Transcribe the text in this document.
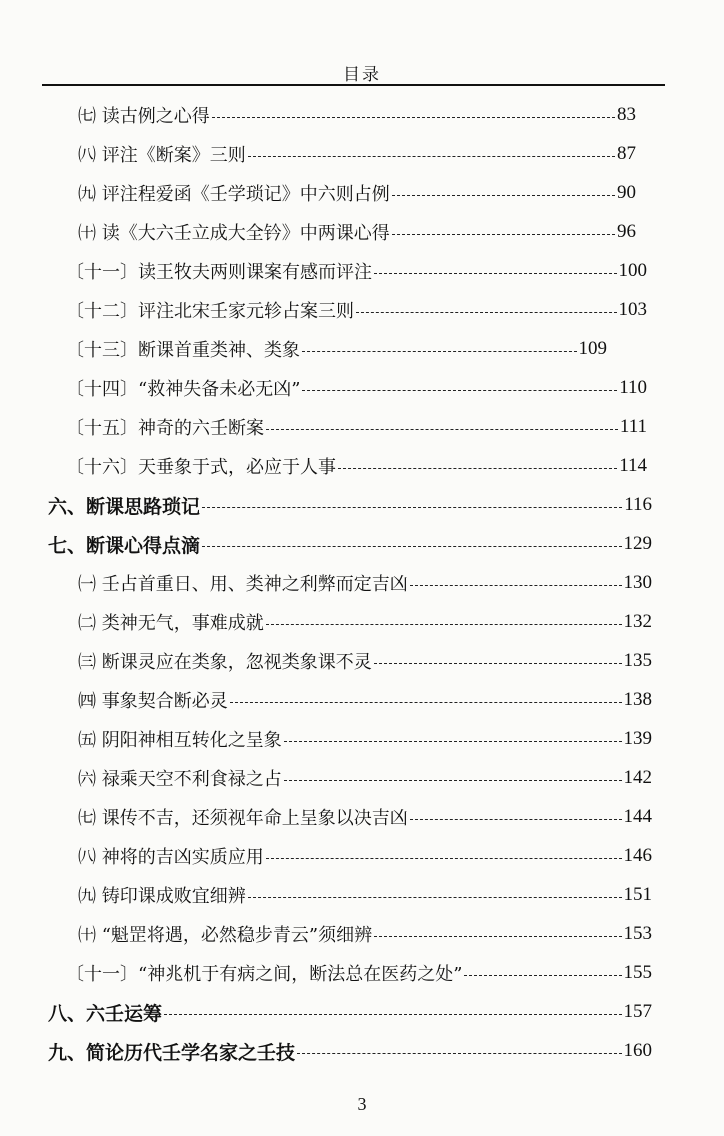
目录
㈦ 读古例之心得	83
㈧ 评注《断案》三则	87
㈨ 评注程爱函《壬学琐记》中六则占例	90
㈩ 读《大六壬立成大全钤》中两课心得	96
〔十一〕读王牧夫两则课案有感而评注	100
〔十二〕评注北宋壬家元轸占案三则	103
〔十三〕断课首重类神、类象	109
〔十四〕“救神失备未必无凶”	110
〔十五〕神奇的六壬断案	111
〔十六〕天垂象于式，必应于人事	114
六、断课思路琐记	116
七、断课心得点滴	129
㈠ 壬占首重日、用、类神之利弊而定吉凶	130
㈡ 类神无气，事难成就	132
㈢ 断课灵应在类象，忽视类象课不灵	135
㈣ 事象契合断必灵	138
㈤ 阴阳神相互转化之呈象	139
㈥ 禄乘天空不利食禄之占	142
㈦ 课传不吉，还须视年命上呈象以决吉凶	144
㈧ 神将的吉凶实质应用	146
㈨ 铸印课成败宜细辨	151
㈩ “魁罡将遇，必然稳步青云”须细辨	153
〔十一〕“神兆机于有病之间，断法总在医药之处”	155
八、六壬运筹	157
九、简论历代壬学名家之壬技	160
3
